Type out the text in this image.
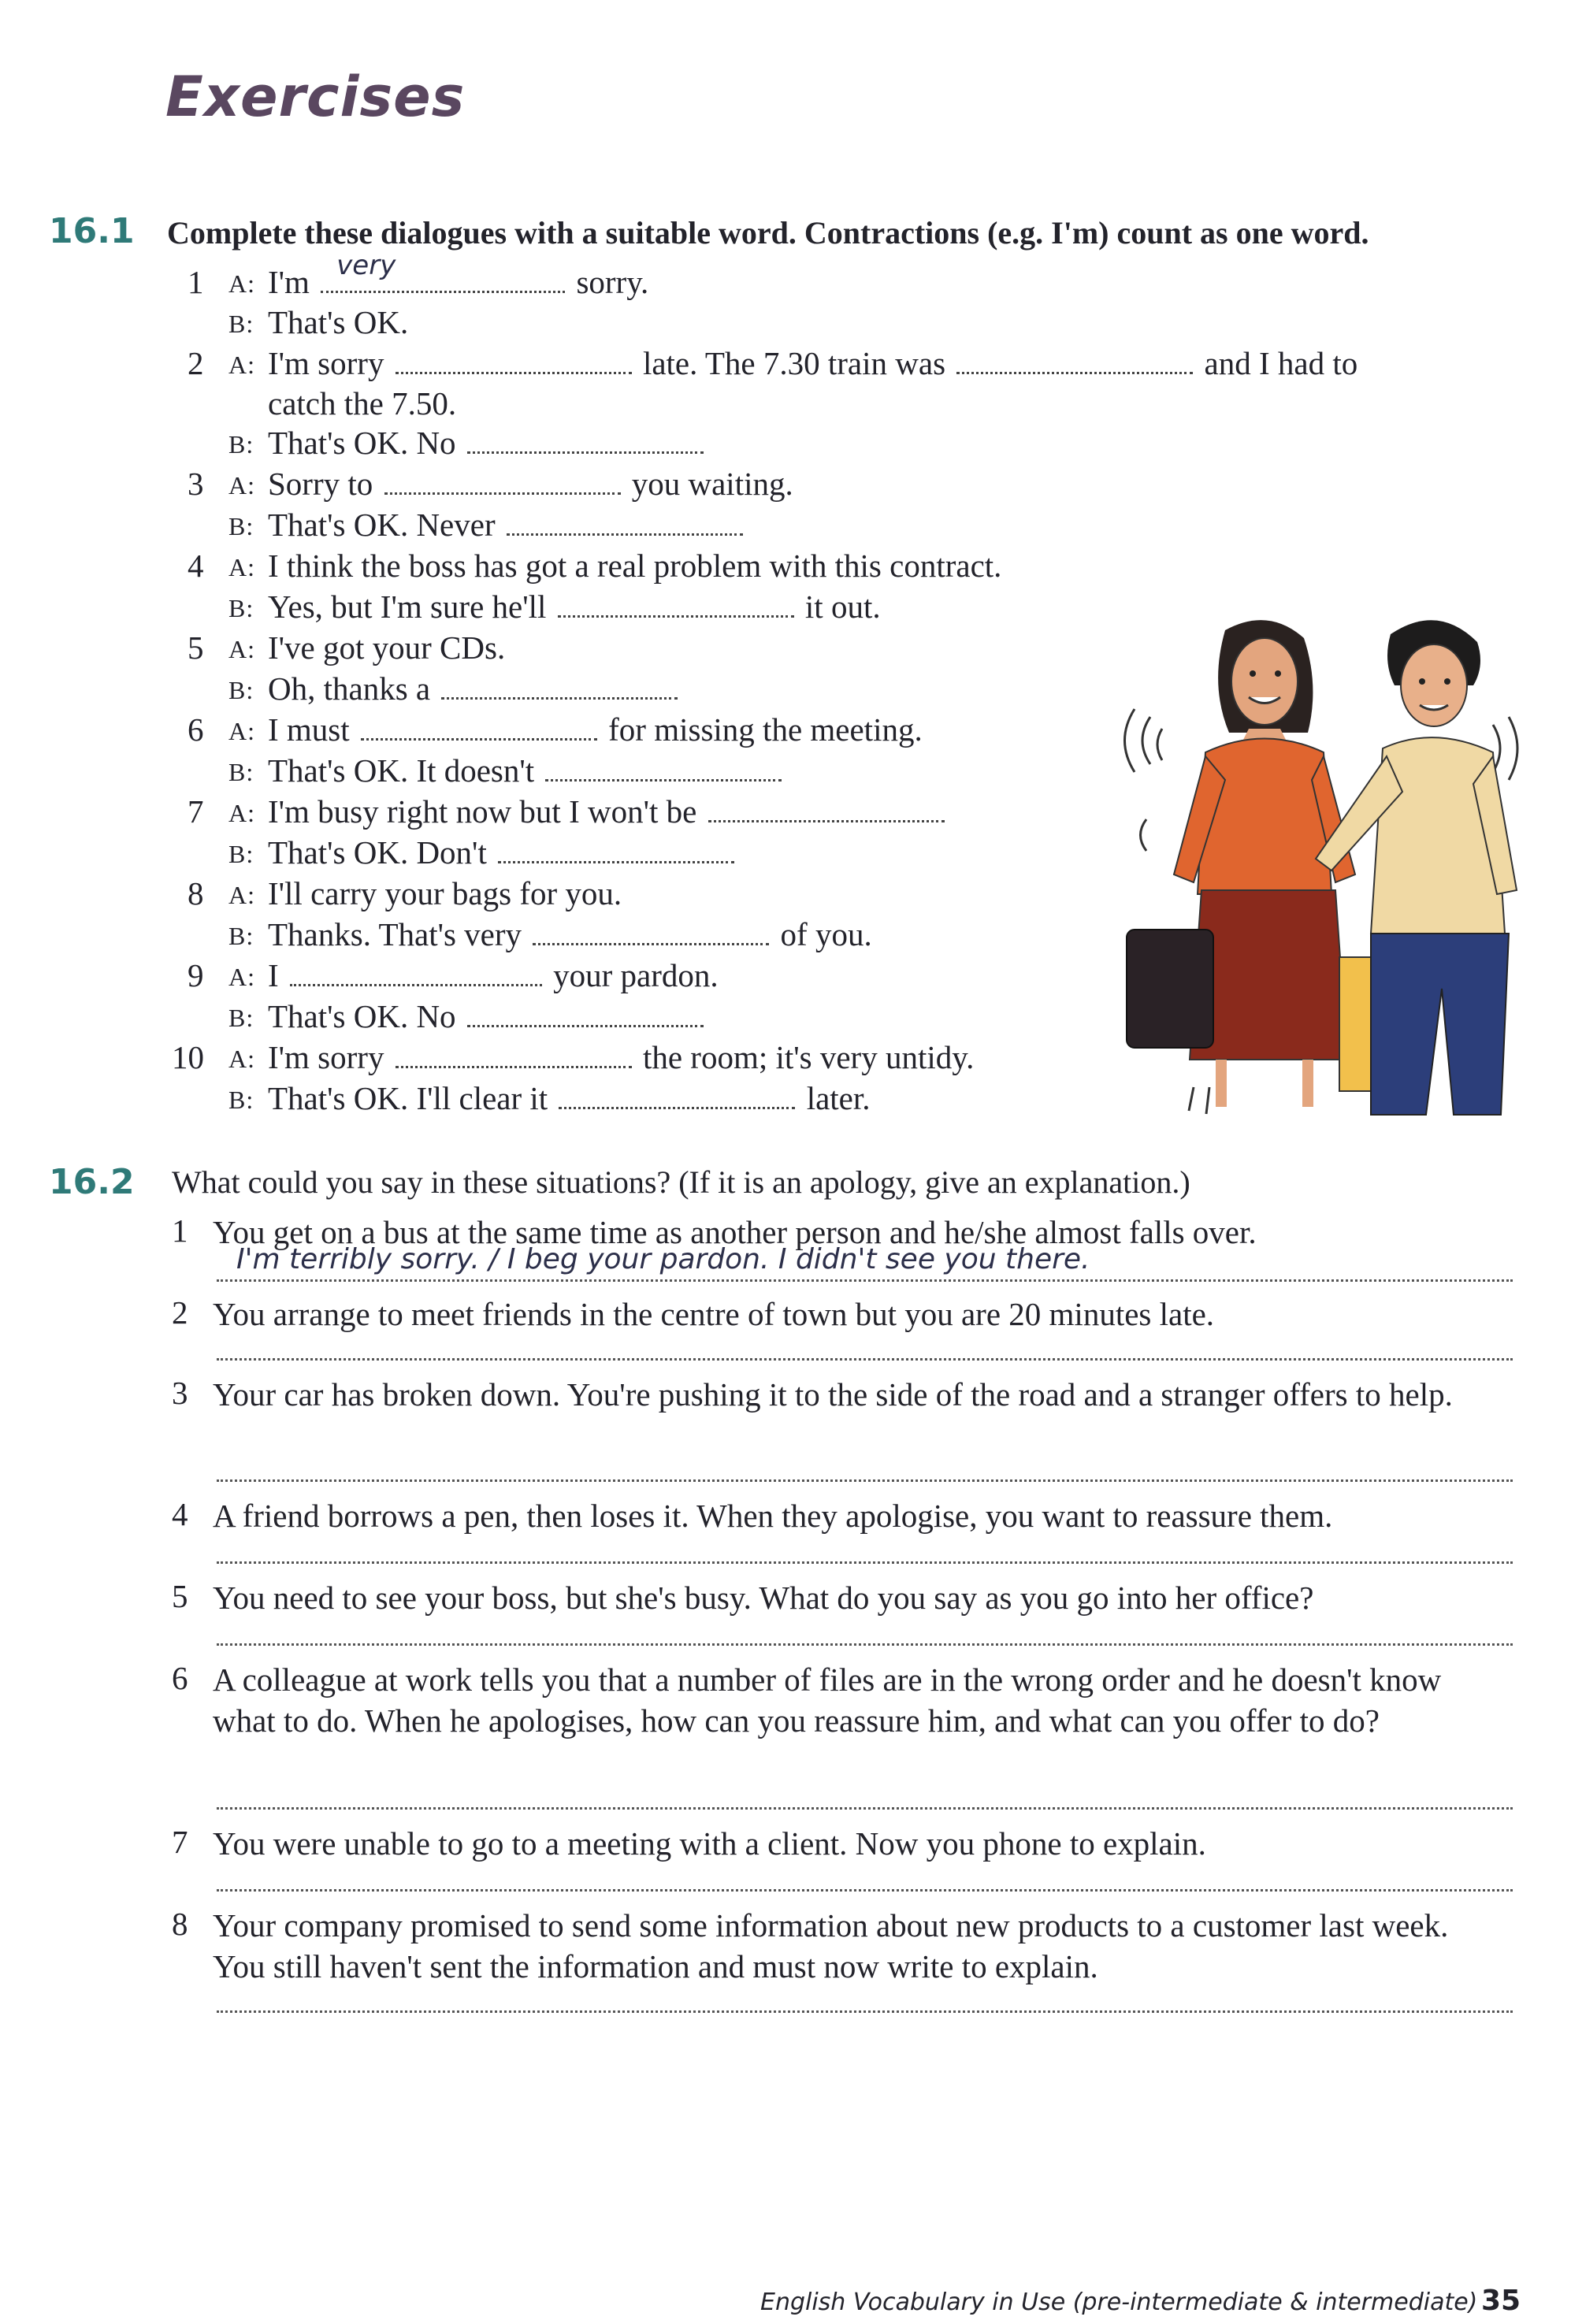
Exercises
16.1 Complete these dialogues with a suitable word. Contractions (e.g. I'm) count as one word.
1 A: I'm very	sorry.
B: That's OK.
2 A: I'm sorry	late. The 7.30 train was	and I had to
catch the 7.50.
B: That's OK. No
3 A: Sorry to	you waiting.
B: That's OK. Never
4 A: I think the boss has got a real problem with this contract.
B: Yes, but I'm sure he'll	it out.
5 A: I've got your CDs.
B: Oh, thanks a
6 A: I must	for missing the meeting.
B: That's OK. It doesn't
7 A: I'm busy right now but I won't be
B: That's OK. Don't
8 A: I'll carry your bags for you.
B: Thanks. That's very	of you.
9 A: I	your pardon.
B: That's OK. No
10 A: I'm sorry	the room; it's very untidy.
B: That's OK. I'll clear it	later.
16.2 What could you say in these situations? (If it is an apology, give an explanation.)
1 You get on a bus at the same time as another person and he/she almost falls over.
I'm terribly sorry. / I beg your pardon. I didn't see you there.
2 You arrange to meet friends in the centre of town but you are 20 minutes late.
3 Your car has broken down. You're pushing it to the side of the road and a stranger offers to help.
4 A friend borrows a pen, then loses it. When they apologise, you want to reassure them.
5 You need to see your boss, but she's busy. What do you say as you go into her office?
6 A colleague at work tells you that a number of files are in the wrong order and he doesn't know what to do. When he apologises, how can you reassure him, and what can you offer to do?
7 You were unable to go to a meeting with a client. Now you phone to explain.
8 Your company promised to send some information about new products to a customer last week. You still haven't sent the information and must now write to explain.
English Vocabulary in Use (pre-intermediate & intermediate) 35
